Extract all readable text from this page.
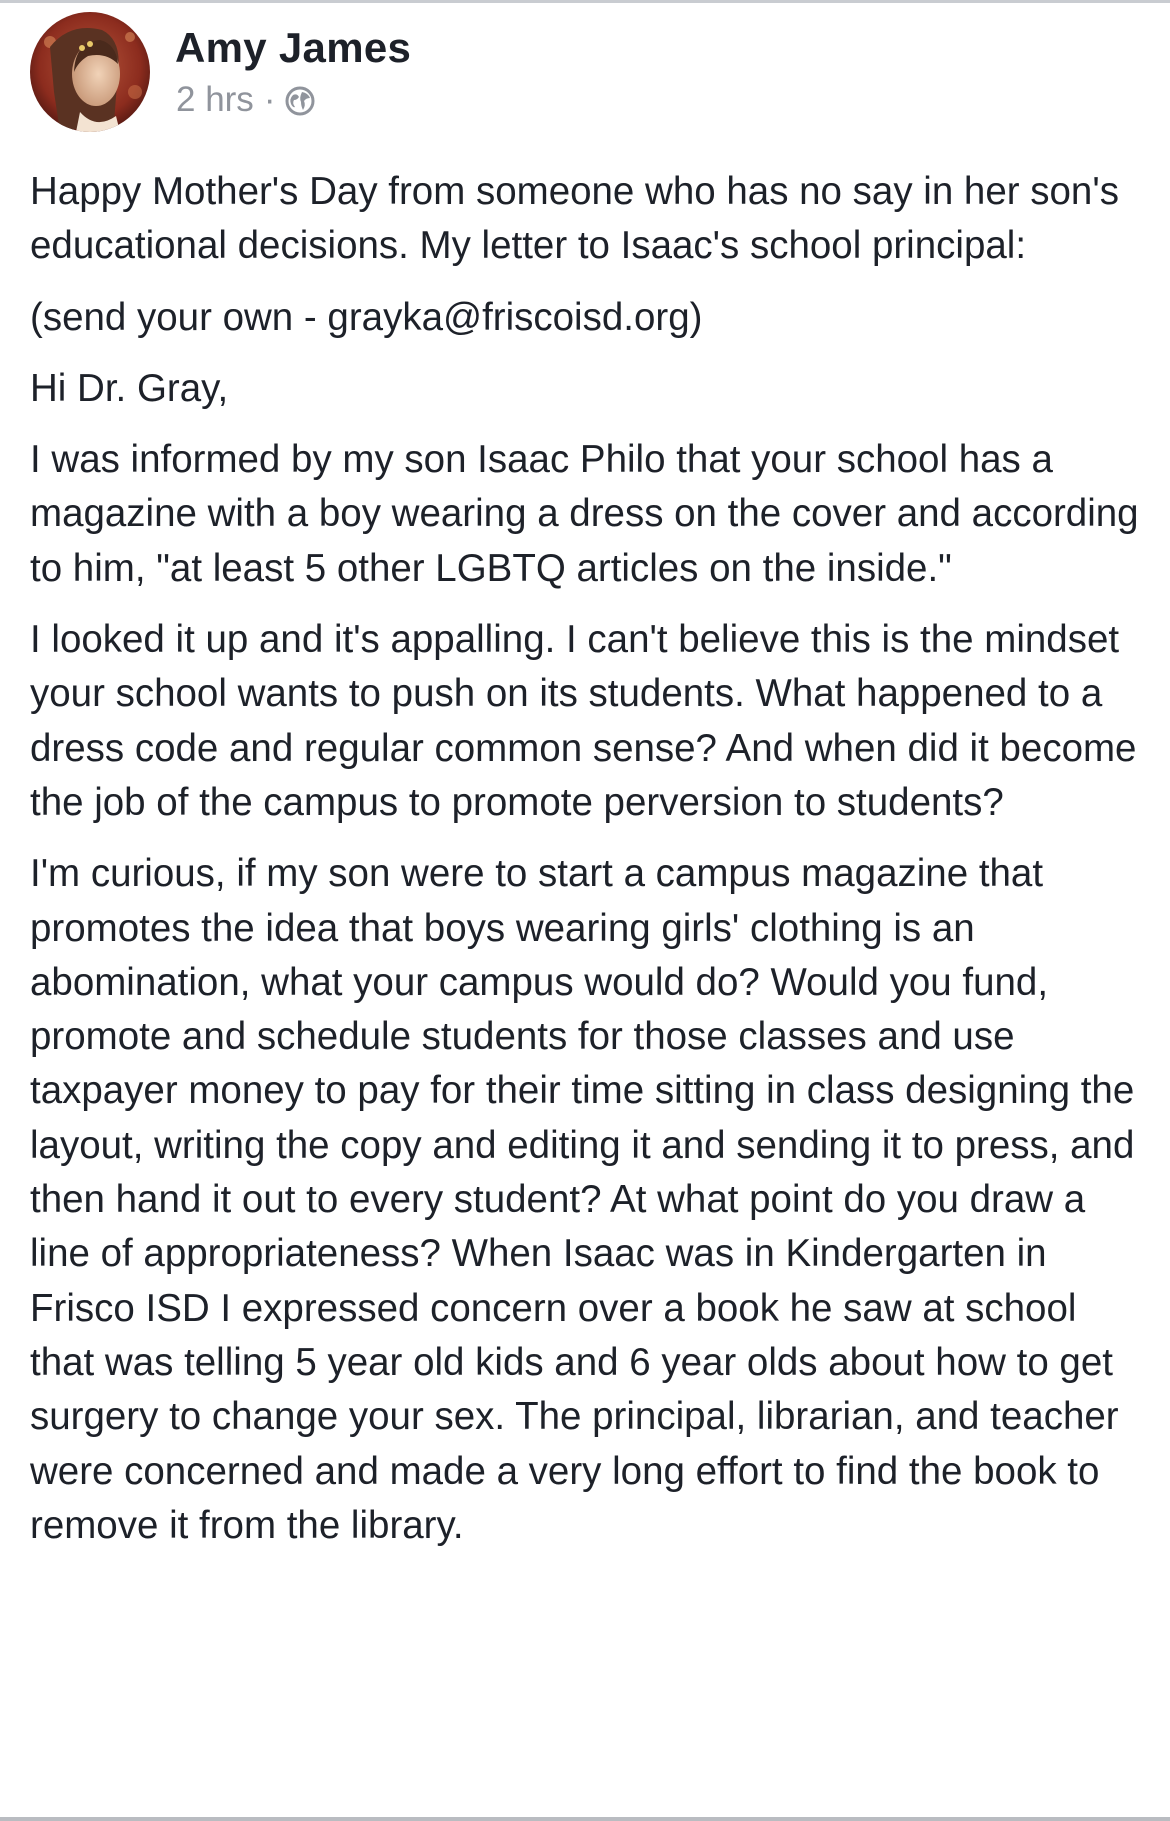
Amy James
2 hrs ·

Happy Mother's Day from someone who has no say in her son's educational decisions. My letter to Isaac's school principal:

(send your own - grayka@friscoisd.org)

Hi Dr. Gray,

I was informed by my son Isaac Philo that your school has a magazine with a boy wearing a dress on the cover and according to him, "at least 5 other LGBTQ articles on the inside."

I looked it up and it's appalling. I can't believe this is the mindset your school wants to push on its students. What happened to a dress code and regular common sense? And when did it become the job of the campus to promote perversion to students?

I'm curious, if my son were to start a campus magazine that promotes the idea that boys wearing girls' clothing is an abomination, what your campus would do? Would you fund, promote and schedule students for those classes and use taxpayer money to pay for their time sitting in class designing the layout, writing the copy and editing it and sending it to press, and then hand it out to every student? At what point do you draw a line of appropriateness? When Isaac was in Kindergarten in Frisco ISD I expressed concern over a book he saw at school that was telling 5 year old kids and 6 year olds about how to get surgery to change your sex. The principal, librarian, and teacher were concerned and made a very long effort to find the book to remove it from the library.
